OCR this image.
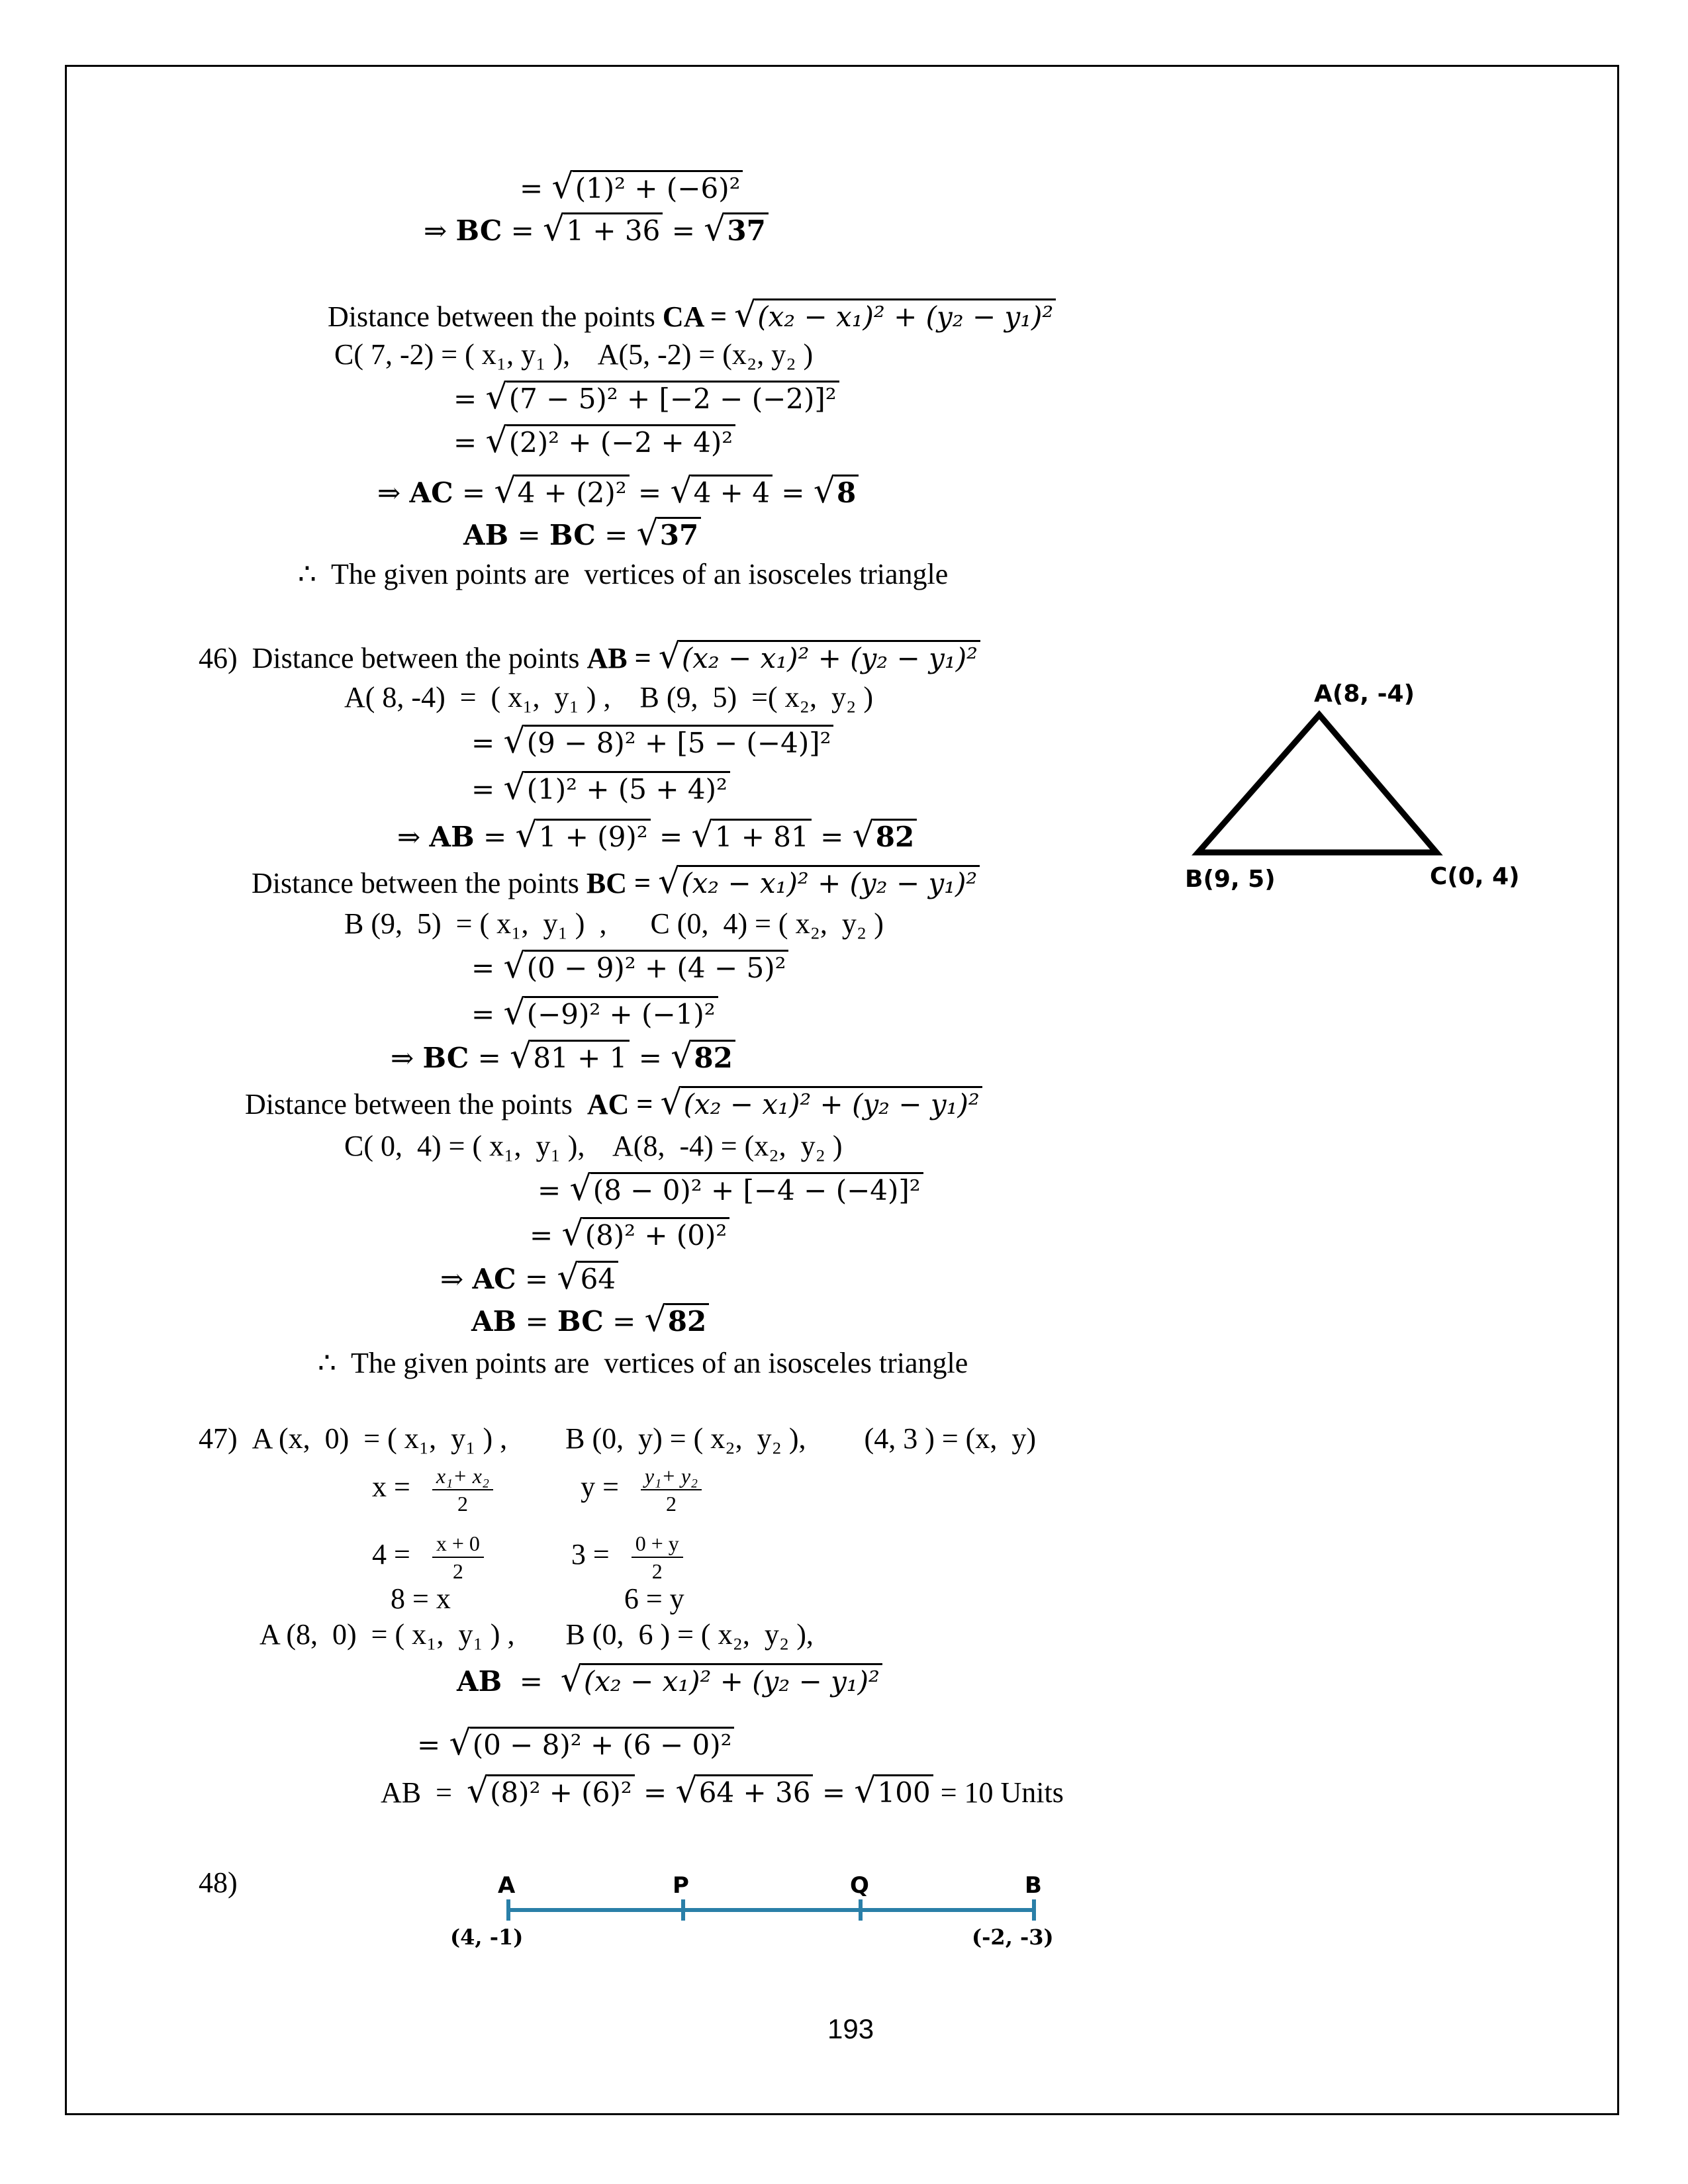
= √(1)² + (−6)²
⇒ BC = √1 + 36 = √37
Distance between the points CA = √(x₂ − x₁)² + (y₂ − y₁)²
C( 7, -2) = ( x₁, y₁ ),    A(5, -2) = (x₂, y₂ )
= √(7 − 5)² + [−2 − (−2)]²
= √(2)² + (−2 + 4)²
⇒ AC = √4 + (2)² = √4 + 4 = √8
AB = BC = √37
∴  The given points are  vertices of an isosceles triangle
46)  Distance between the points AB = √(x₂ − x₁)² + (y₂ − y₁)²
A( 8, -4)  =  ( x₁,  y₁ ) ,    B (9,  5)  =( x₂,  y₂ )
= √(9 − 8)² + [5 − (−4)]²
= √(1)² + (5 + 4)²
⇒ AB = √1 + (9)² = √1 + 81 = √82
Distance between the points BC = √(x₂ − x₁)² + (y₂ − y₁)²
B (9,  5)  = ( x₁,  y₁ )  ,      C (0,  4) = ( x₂,  y₂ )
= √(0 − 9)² + (4 − 5)²
= √(−9)² + (−1)²
⇒ BC = √81 + 1 = √82
Distance between the points  AC = √(x₂ − x₁)² + (y₂ − y₁)²
C( 0,  4) = ( x₁,  y₁ ),    A(8,  -4) = (x₂,  y₂ )
= √(8 − 0)² + [−4 − (−4)]²
= √(8)² + (0)²
⇒ AC = √64
AB = BC = √82
∴  The given points are  vertices of an isosceles triangle
A(8, -4)
B(9, 5)	C(0, 4)
47)  A (x,  0)  = ( x₁,  y₁ ) ,        B (0,  y) = ( x₂,  y₂ ),        (4, 3 ) = (x,  y)
$x = \frac{\text{x₁+ x₂}}{2}$	$y = \frac{\text{y₁+ y₂}}{2}$
$4 = \frac{x + 0}{2}$	$3 = \frac{0 + y}{2}$
8 = x	6 = y
A (8,  0)  = ( x₁,  y₁ ) ,       B (0,  6 ) = ( x₂,  y₂ ),
AB  =  √(x₂ − x₁)² + (y₂ − y₁)²
= √(0 − 8)² + (6 − 0)²
AB  =  √(8)² + (6)² = √64 + 36 = √100 = 10 Units
48)	A	P	Q	B
(4, -1)	(-2, -3)
193
